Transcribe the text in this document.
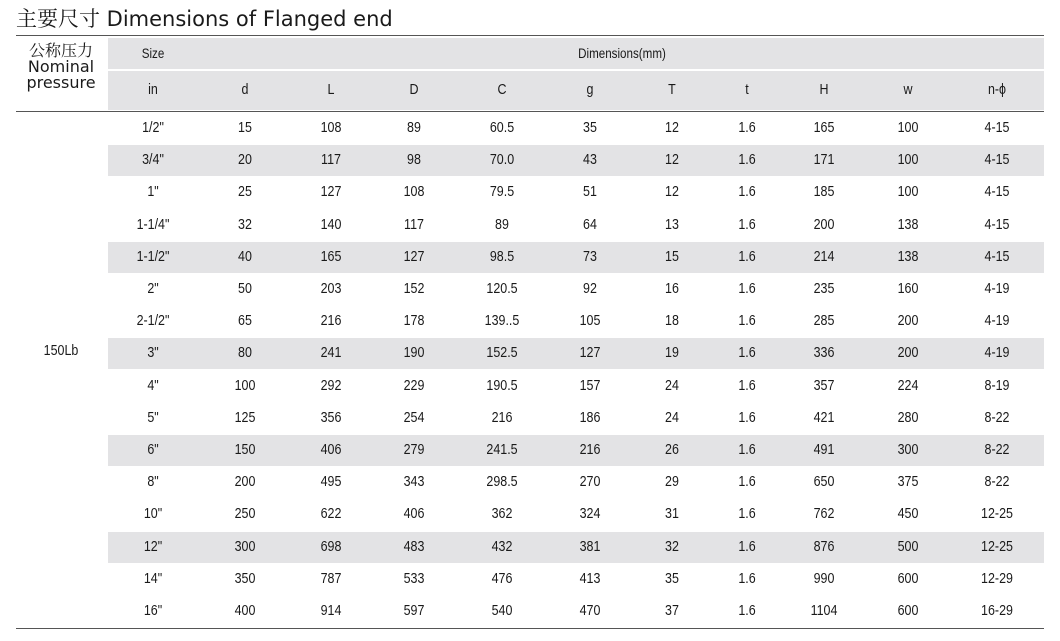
主要尺寸 Dimensions of Flanged end
公称压力
Nominal
pressure
Size	Dimensions(mm)
in	d	L	D	C	g	T	t	H	w	n-ϕ
150Lb
1/2"	15	108	89	60.5	35	12	1.6	165	100	4-15
3/4"	20	117	98	70.0	43	12	1.6	171	100	4-15
1"	25	127	108	79.5	51	12	1.6	185	100	4-15
1-1/4"	32	140	117	89	64	13	1.6	200	138	4-15
1-1/2"	40	165	127	98.5	73	15	1.6	214	138	4-15
2"	50	203	152	120.5	92	16	1.6	235	160	4-19
2-1/2"	65	216	178	139..5	105	18	1.6	285	200	4-19
3"	80	241	190	152.5	127	19	1.6	336	200	4-19
4"	100	292	229	190.5	157	24	1.6	357	224	8-19
5"	125	356	254	216	186	24	1.6	421	280	8-22
6"	150	406	279	241.5	216	26	1.6	491	300	8-22
8"	200	495	343	298.5	270	29	1.6	650	375	8-22
10"	250	622	406	362	324	31	1.6	762	450	12-25
12"	300	698	483	432	381	32	1.6	876	500	12-25
14"	350	787	533	476	413	35	1.6	990	600	12-29
16"	400	914	597	540	470	37	1.6	1104	600	16-29
